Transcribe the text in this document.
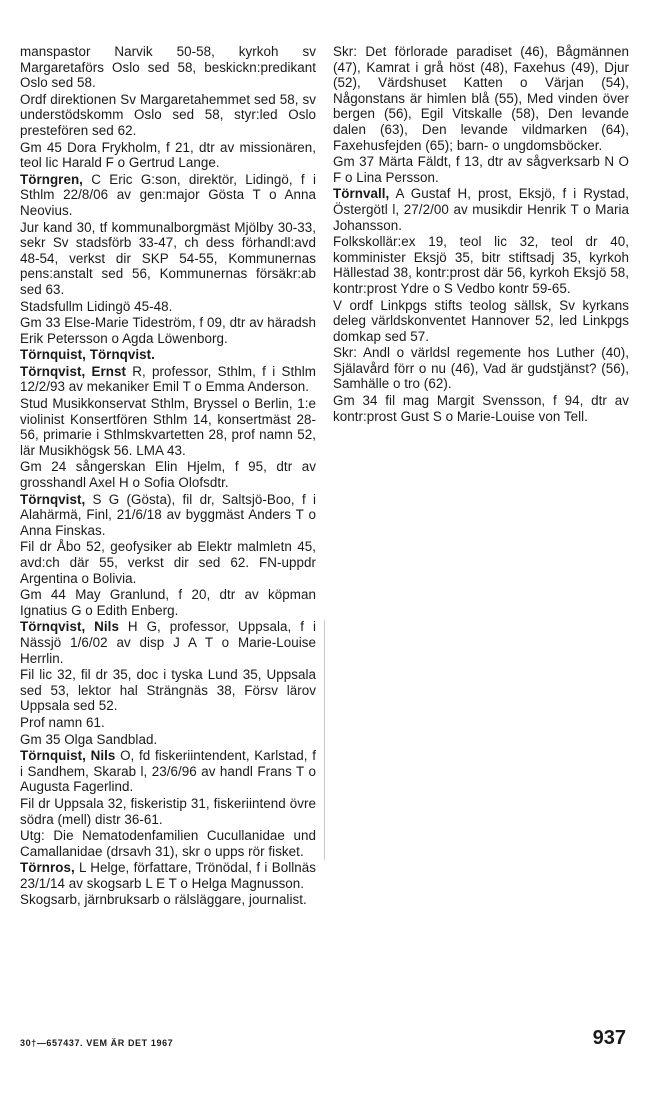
manspastor Narvik 50-58, kyrkoh sv Margaretaförs Oslo sed 58, beskickn:predikant Oslo sed 58.

Ordf direktionen Sv Margaretahemmet sed 58, sv understödskomm Oslo sed 58, styr:led Oslo prestefören sed 62.

Gm 45 Dora Frykholm, f 21, dtr av missionären, teol lic Harald F o Gertrud Lange.

Törngren, C Eric G:son, direktör, Lidingö, f i Sthlm 22/8/06 av gen:major Gösta T o Anna Neovius.

Jur kand 30, tf kommunalborgmäst Mjölby 30-33, sekr Sv stadsförb 33-47, ch dess förhandl:avd 48-54, verkst dir SKP 54-55, Kommunernas pens:anstalt sed 56, Kommunernas försäkr:ab sed 63.

Stadsfullm Lidingö 45-48.

Gm 33 Else-Marie Tideström, f 09, dtr av häradsh Erik Petersson o Agda Löwenborg.

Törnquist, Törnqvist.

Törnqvist, Ernst R, professor, Sthlm, f i Sthlm 12/2/93 av mekaniker Emil T o Emma Anderson.

Stud Musikkonservat Sthlm, Bryssel o Berlin, 1:e violinist Konsertfören Sthlm 14, konsertmäst 28-56, primarie i Sthlmskvartetten 28, prof namn 52, lär Musikhögsk 56. LMA 43.

Gm 24 sångerskan Elin Hjelm, f 95, dtr av grosshandl Axel H o Sofia Olofsdtr.

Törnqvist, S G (Gösta), fil dr, Saltsjö-Boo, f i Alahärmä, Finl, 21/6/18 av byggmäst Anders T o Anna Finskas.

Fil dr Åbo 52, geofysiker ab Elektr malmletn 45, avd:ch där 55, verkst dir sed 62. FN-uppdr Argentina o Bolivia.

Gm 44 May Granlund, f 20, dtr av köpman Ignatius G o Edith Enberg.

Törnqvist, Nils H G, professor, Uppsala, f i Nässjö 1/6/02 av disp J A T o Marie-Louise Herrlin.

Fil lic 32, fil dr 35, doc i tyska Lund 35, Uppsala sed 53, lektor hal Strängnäs 38, Försv lärov Uppsala sed 52.

Prof namn 61.

Gm 35 Olga Sandblad.

Törnquist, Nils O, fd fiskeriintendent, Karlstad, f i Sandhem, Skarab l, 23/6/96 av handl Frans T o Augusta Fagerlind.

Fil dr Uppsala 32, fiskeristip 31, fiskeriintend övre södra (mell) distr 36-61.

Utg: Die Nematodenfamilien Cucullanidae und Camallanidae (drsavh 31), skr o upps rör fisket.

Törnros, L Helge, författare, Trönödal, f i Bollnäs 23/1/14 av skogsarb L E T o Helga Magnusson.

Skogsarb, järnbruksarb o rälsläggare, journalist.

Skr: Det förlorade paradiset (46), Bågmännen (47), Kamrat i grå höst (48), Faxehus (49), Djur (52), Värdshuset Katten o Värjan (54), Någonstans är himlen blå (55), Med vinden över bergen (56), Egil Vitskalle (58), Den levande dalen (63), Den levande vildmarken (64), Faxehusfejden (65); barn- o ungdomsböcker.

Gm 37 Märta Fäldt, f 13, dtr av sågverksarb N O F o Lina Persson.

Törnvall, A Gustaf H, prost, Eksjö, f i Rystad, Östergötl l, 27/2/00 av musikdir Henrik T o Maria Johansson.

Folkskollär:ex 19, teol lic 32, teol dr 40, komminister Eksjö 35, bitr stiftsadj 35, kyrkoh Hällestad 38, kontr:prost där 56, kyrkoh Eksjö 58, kontr:prost Ydre o S Vedbo kontr 59-65.

V ordf Linkpgs stifts teolog sällsk, Sv kyrkans deleg världskonventet Hannover 52, led Linkpgs domkap sed 57.

Skr: Andl o världsl regemente hos Luther (40), Själavård förr o nu (46), Vad är gudstjänst? (56), Samhälle o tro (62).

Gm 34 fil mag Margit Svensson, f 94, dtr av kontr:prost Gust S o Marie-Louise von Tell.

30†—657437. VEM ÄR DET 1967	937
